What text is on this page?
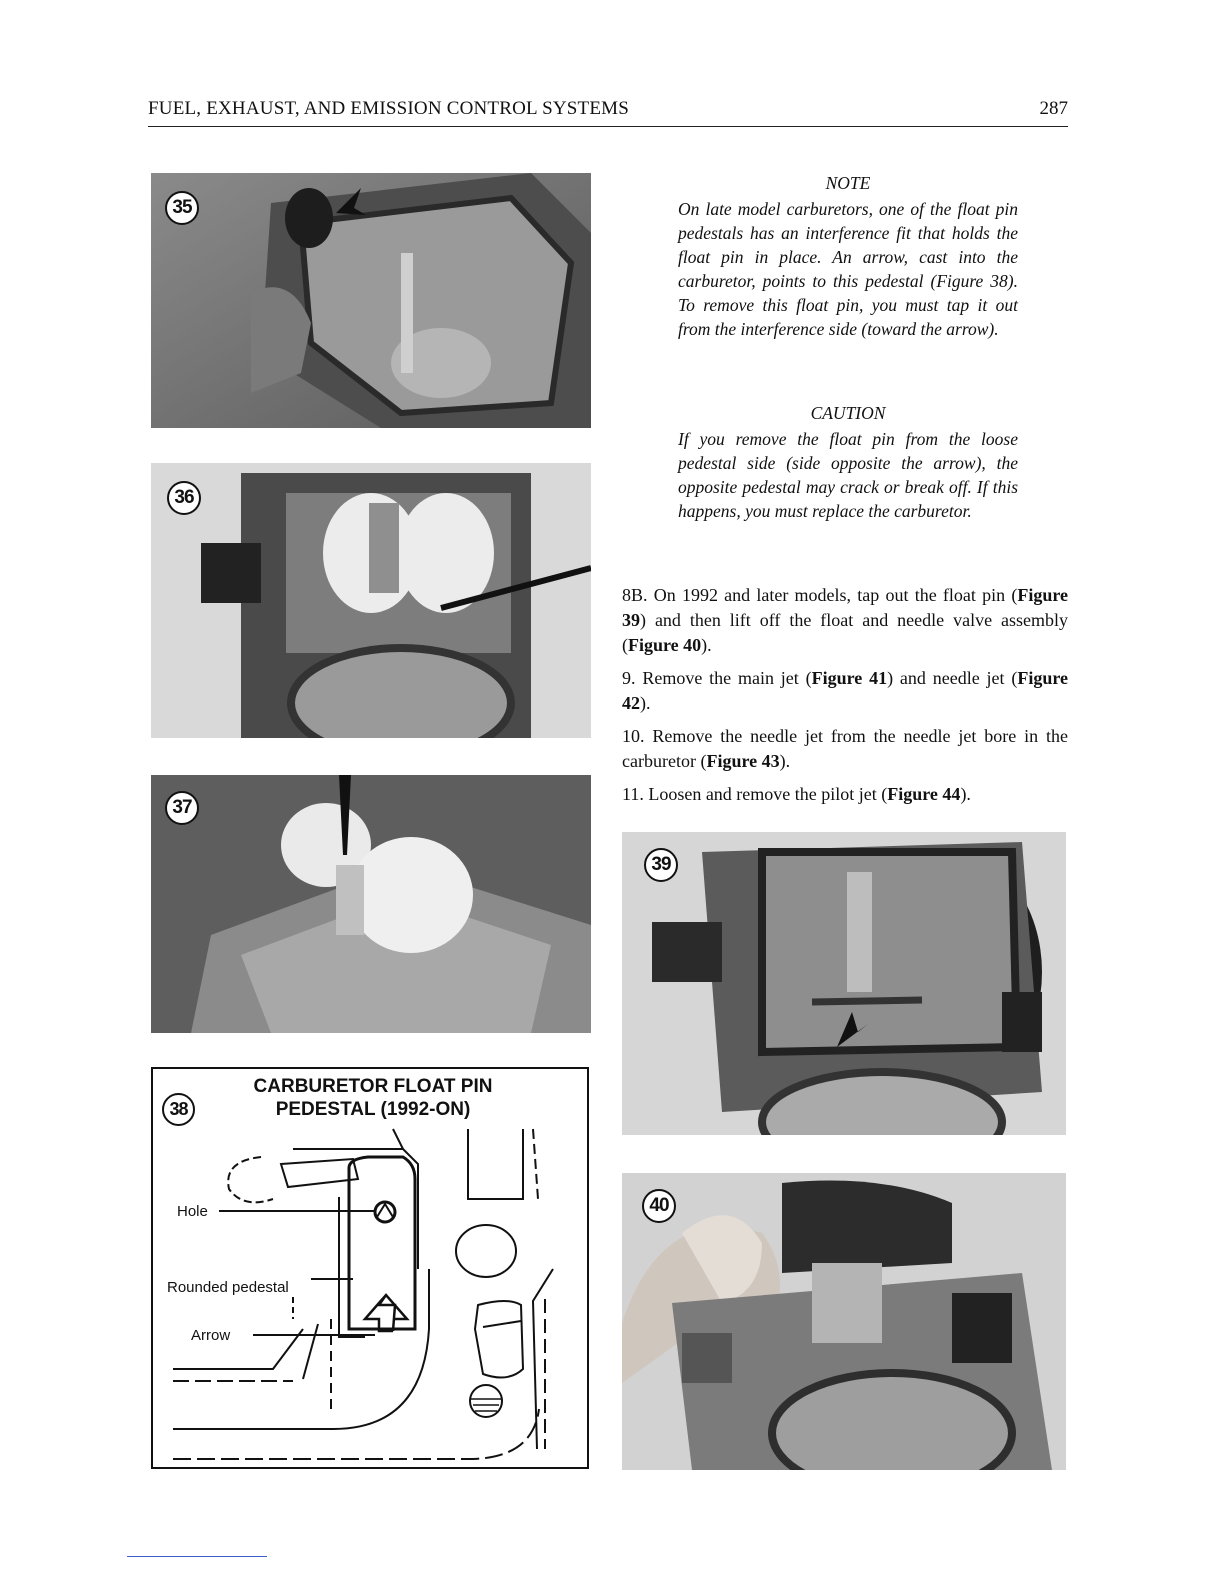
FUEL, EXHAUST, AND EMISSION CONTROL SYSTEMS	287
35
36
37
38
CARBURETOR FLOAT PIN
PEDESTAL (1992-ON)
Hole
Rounded pedestal
Arrow
NOTE
On late model carburetors, one of the float pin pedestals has an interference fit that holds the float pin in place. An arrow, cast into the carburetor, points to this pedestal (Figure 38). To remove this float pin, you must tap it out from the interference side (toward the arrow).
CAUTION
If you remove the float pin from the loose pedestal side (side opposite the arrow), the opposite pedestal may crack or break off. If this happens, you must replace the carburetor.

8B. On 1992 and later models, tap out the float pin (Figure 39) and then lift off the float and needle valve assembly (Figure 40).

9. Remove the main jet (Figure 41) and needle jet (Figure 42).

10. Remove the needle jet from the needle jet bore in the carburetor (Figure 43).

11. Loosen and remove the pilot jet (Figure 44).

39
40
